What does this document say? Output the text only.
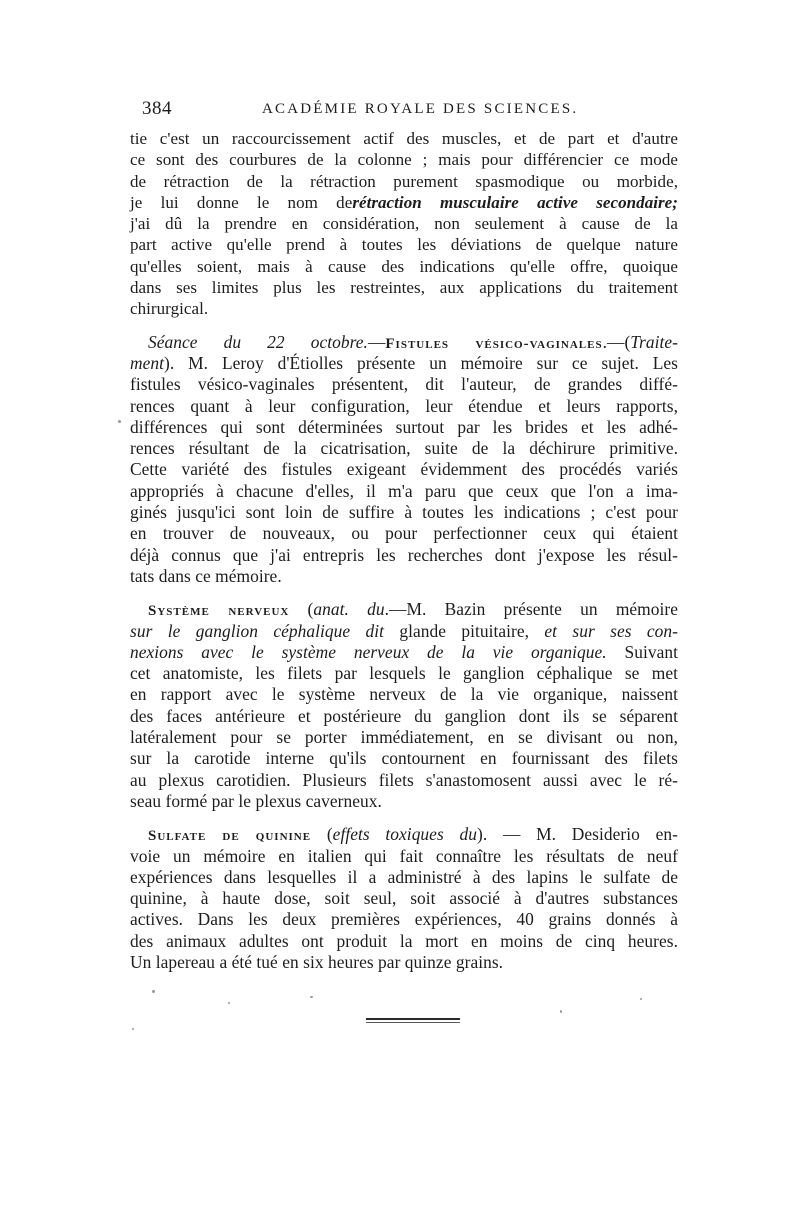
384	ACADÉMIE ROYALE DES SCIENCES.
tie c'est un raccourcissement actif des muscles, et de part et d'autre
ce sont des courbures de la colonne ; mais pour différencier ce mode
de rétraction de la rétraction purement spasmodique ou morbide,
je lui donne le nom derétraction musculaire active secondaire;
j'ai dû la prendre en considération, non seulement à cause de la
part active qu'elle prend à toutes les déviations de quelque nature
qu'elles soient, mais à cause des indications qu'elle offre, quoique
dans ses limites plus les restreintes, aux applications du traitement
chirurgical.
Séance du 22 octobre.—Fistules vésico-vaginales.—(Traite-
ment). M. Leroy d'Étiolles présente un mémoire sur ce sujet. Les
fistules vésico-vaginales présentent, dit l'auteur, de grandes diffé-
rences quant à leur configuration, leur étendue et leurs rapports,
différences qui sont déterminées surtout par les brides et les adhé-
rences résultant de la cicatrisation, suite de la déchirure primitive.
Cette variété des fistules exigeant évidemment des procédés variés
appropriés à chacune d'elles, il m'a paru que ceux que l'on a ima-
ginés jusqu'ici sont loin de suffire à toutes les indications ; c'est pour
en trouver de nouveaux, ou pour perfectionner ceux qui étaient
déjà connus que j'ai entrepris les recherches dont j'expose les résul-
tats dans ce mémoire.
Système nerveux (anat. du.—M. Bazin présente un mémoire
sur le ganglion céphalique dit glande pituitaire, et sur ses con-
nexions avec le système nerveux de la vie organique. Suivant
cet anatomiste, les filets par lesquels le ganglion céphalique se met
en rapport avec le système nerveux de la vie organique, naissent
des faces antérieure et postérieure du ganglion dont ils se séparent
latéralement pour se porter immédiatement, en se divisant ou non,
sur la carotide interne qu'ils contournent en fournissant des filets
au plexus carotidien. Plusieurs filets s'anastomosent aussi avec le ré-
seau formé par le plexus caverneux.
Sulfate de quinine (effets toxiques du). — M. Desiderio en-
voie un mémoire en italien qui fait connaître les résultats de neuf
expériences dans lesquelles il a administré à des lapins le sulfate de
quinine, à haute dose, soit seul, soit associé à d'autres substances
actives. Dans les deux premières expériences, 40 grains donnés à
des animaux adultes ont produit la mort en moins de cinq heures.
Un lapereau a été tué en six heures par quinze grains.
